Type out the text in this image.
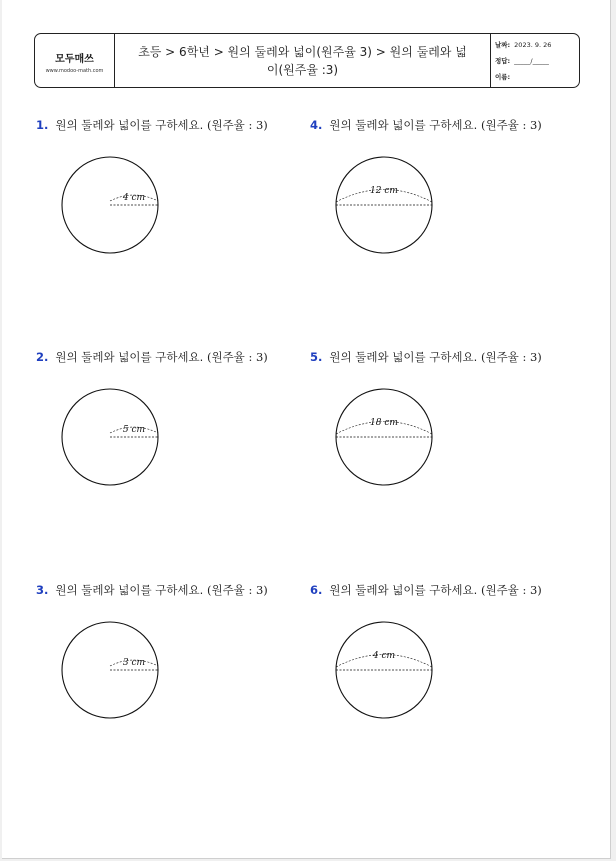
모두매쓰
www.modoo-math.com
초등 > 6학년 > 원의 둘레와 넓이(원주율 3) > 원의 둘레와 넓이(원주율 :3)
날짜: 2023. 9. 26
정답: _____/_____
이름:
1. 원의 둘레와 넓이를 구하세요. (원주율 : 3)
4 cm
2. 원의 둘레와 넓이를 구하세요. (원주율 : 3)
5 cm
3. 원의 둘레와 넓이를 구하세요. (원주율 : 3)
3 cm
4. 원의 둘레와 넓이를 구하세요. (원주율 : 3)
12 cm
5. 원의 둘레와 넓이를 구하세요. (원주율 : 3)
18 cm
6. 원의 둘레와 넓이를 구하세요. (원주율 : 3)
4 cm
